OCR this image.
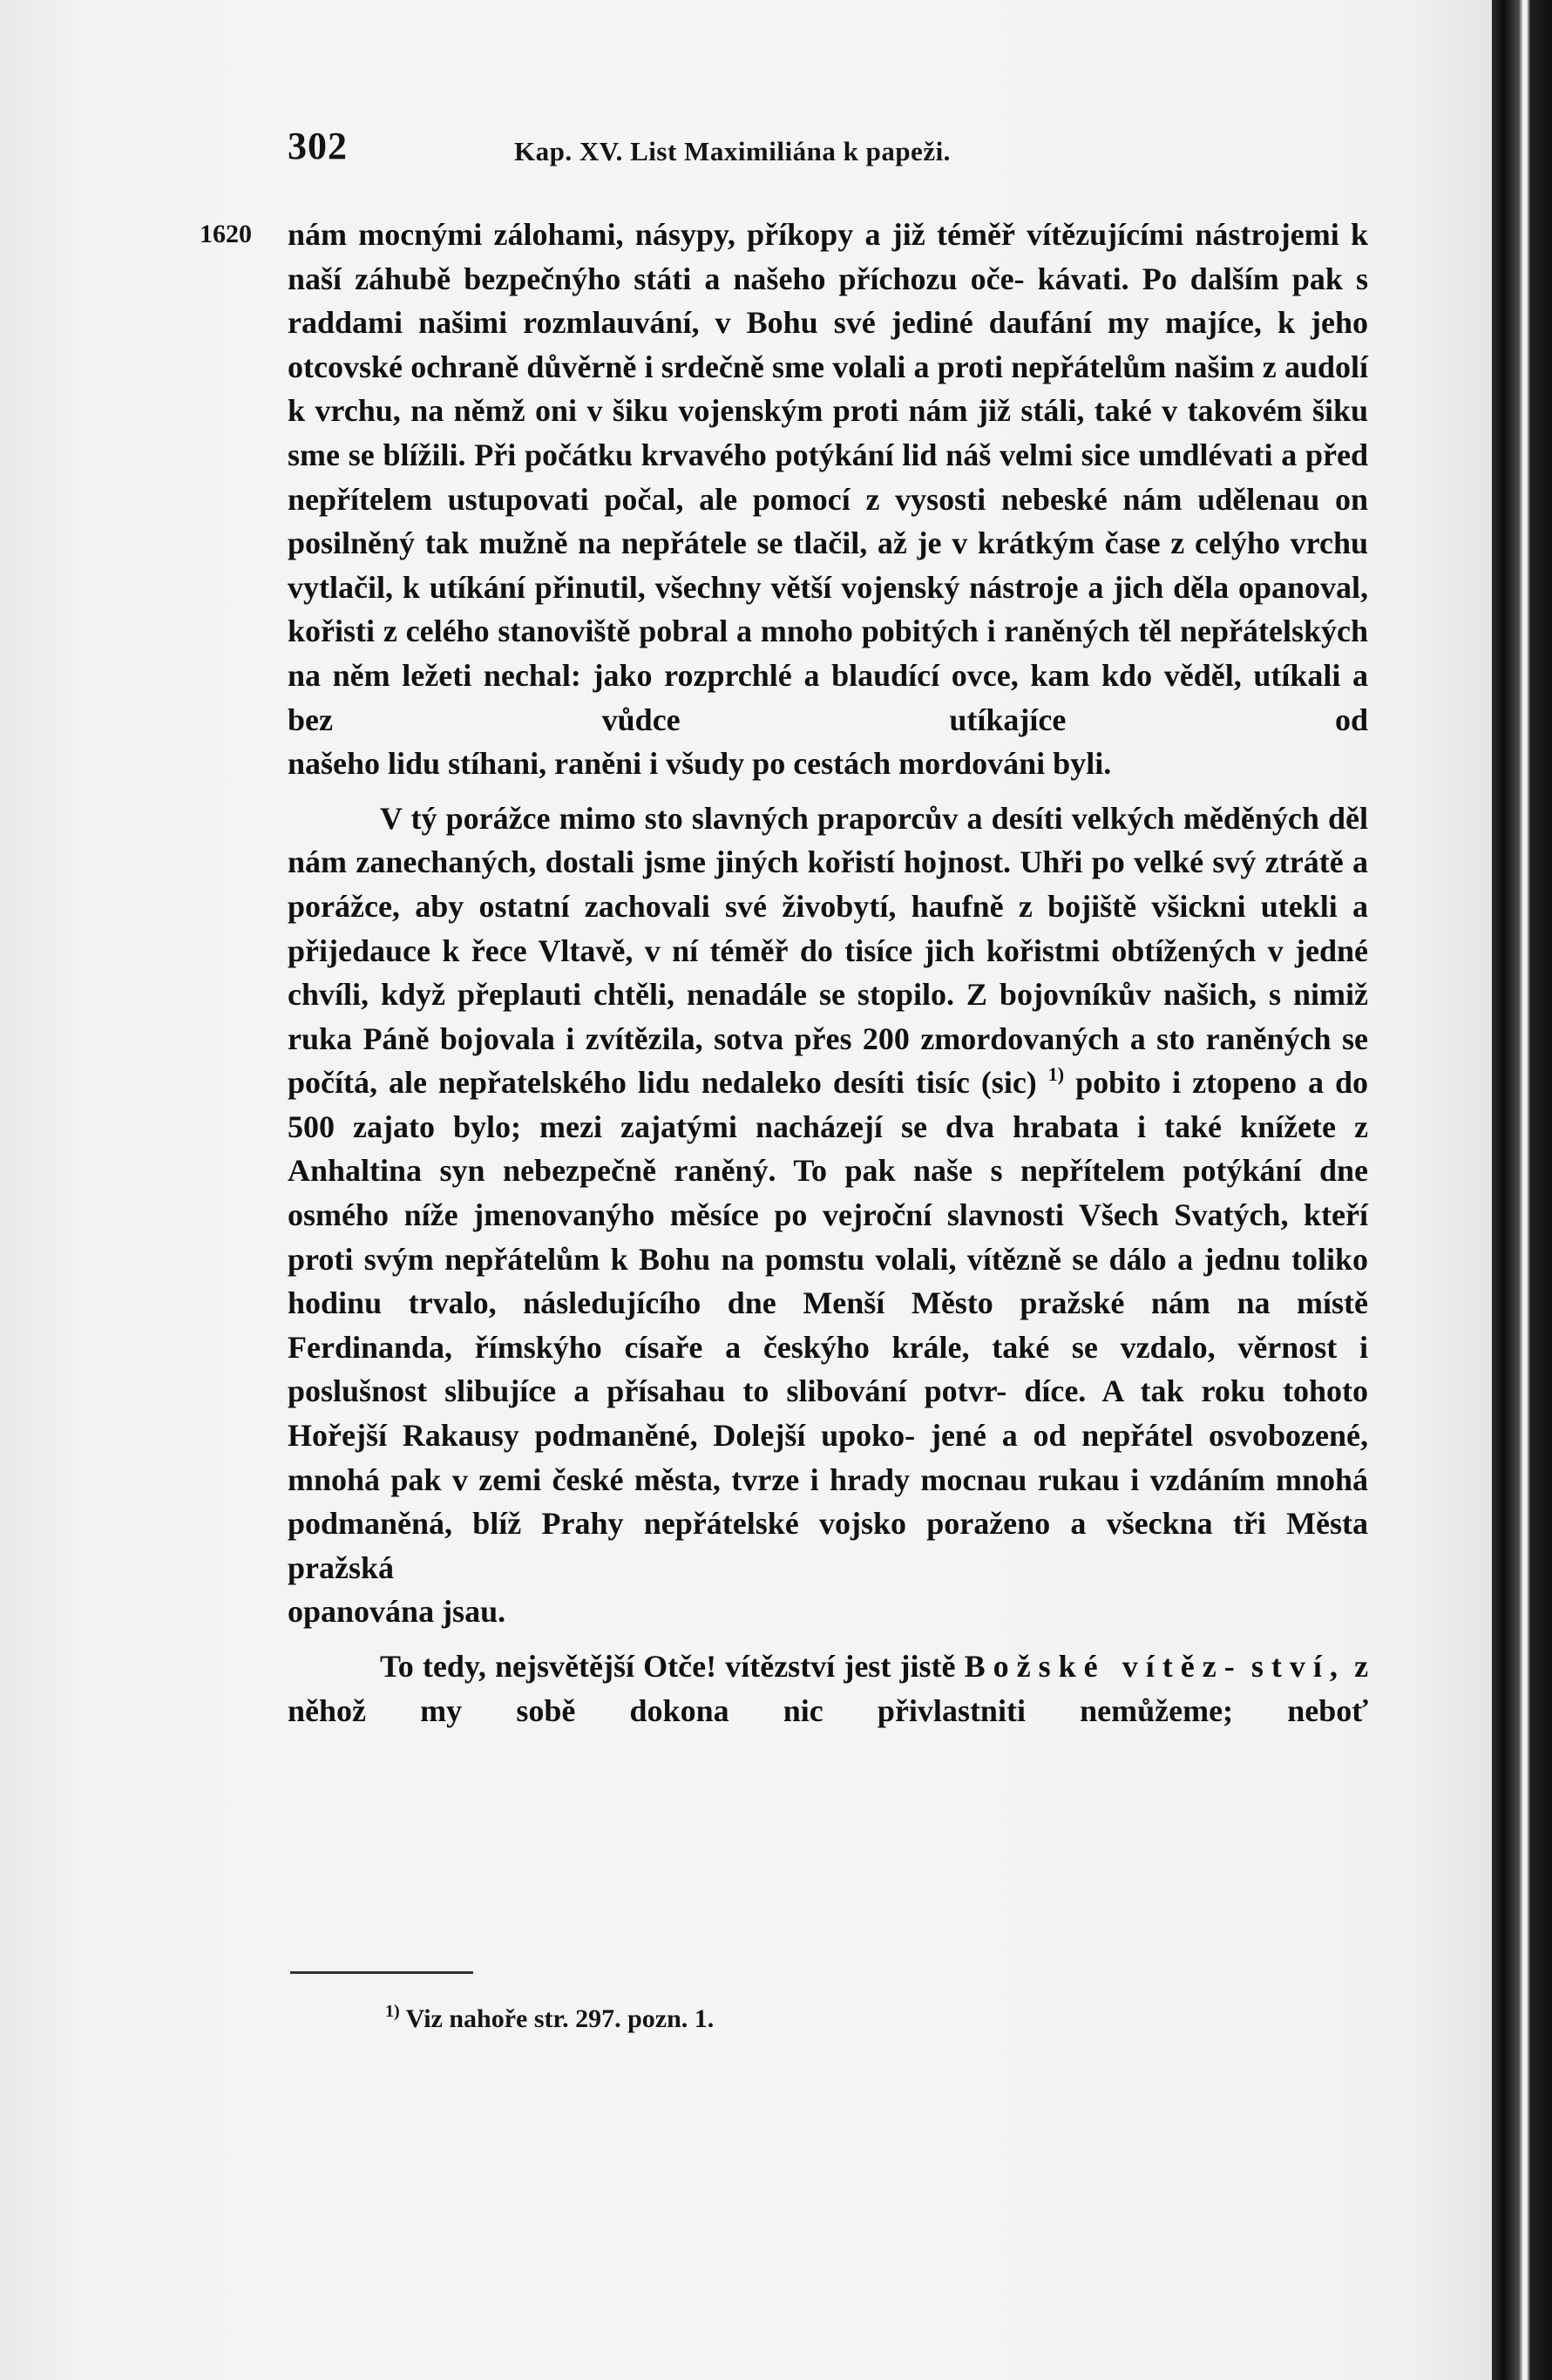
302	Kap. XV. List Maximiliána k papeži.
1620 nám mocnými zálohami, násypy, příkopy a již téměř vítězujícími nástrojemi k naší záhubě bezpečnýho státi a našeho příchozu oče- kávati. Po dalším pak s raddami našimi rozmlauvání, v Bohu své jediné daufání my majíce, k jeho otcovské ochraně důvěrně i srdečně sme volali a proti nepřátelům našim z audolí k vrchu, na němž oni v šiku vojenským proti nám již stáli, také v takovém šiku sme se blížili. Při počátku krvavého potýkání lid náš velmi sice umdlévati a před nepřítelem ustupovati počal, ale pomocí z vysosti nebeské nám udělenau on posilněný tak mužně na nepřátele se tlačil, až je v krátkým čase z celýho vrchu vytlačil, k utíkání přinutil, všechny větší vojenský nástroje a jich děla opanoval, kořisti z celého stanoviště pobral a mnoho pobitých i raněných těl nepřátelských na něm ležeti nechal: jako rozprchlé a blaudící ovce, kam kdo věděl, utíkali a bez vůdce utíkajíce od

našeho lidu stíhani, raněni i všudy po cestách mordováni byli.

V tý porážce mimo sto slavných praporcův a desíti velkých měděných děl nám zanechaných, dostali jsme jiných kořistí hojnost. Uhři po velké svý ztrátě a porážce, aby ostatní zachovali své živobytí, haufně z bojiště všickni utekli a přijedauce k řece Vltavě, v ní téměř do tisíce jich kořistmi obtížených v jedné chvíli, když přeplauti chtěli, nenadále se stopilo. Z bojovníkův našich, s nimiž ruka Páně bojovala i zvítězila, sotva přes 200 zmordovaných a sto raněných se počítá, ale nepřatelského lidu nedaleko desíti tisíc (sic) $^{1)}$ pobito i ztopeno a do 500 zajato bylo; mezi zajatými nacházejí se dva hrabata i také knížete z Anhaltina syn nebezpečně raněný. To pak naše s nepřítelem potýkání dne osmého níže jmenovanýho měsíce po vejroční slavnosti Všech Svatých, kteří proti svým nepřátelům k Bohu na pomstu volali, vítězně se dálo a jednu toliko hodinu trvalo, následujícího dne Menší Město pražské nám na místě Ferdinanda, římskýho císaře a českýho krále, také se vzdalo, věrnost i poslušnost slibujíce a přísahau to slibování potvr- díce. A tak roku tohoto Hořejší Rakausy podmaněné, Dolejší upoko- jené a od nepřátel osvobozené, mnohá pak v zemi české města, tvrze i hrady mocnau rukau i vzdáním mnohá podmaněná, blíž Prahy nepřátelské vojsko poraženo a všeckna tři Města pražská

opanována jsau.

To tedy, nejsvětější Otče! vítězství jest jistě Božské vítěz- ství, z něhož my sobě dokona nic přivlastniti nemůžeme; neboť

$^{1)}$ Viz nahoře str. 297. pozn. 1.
